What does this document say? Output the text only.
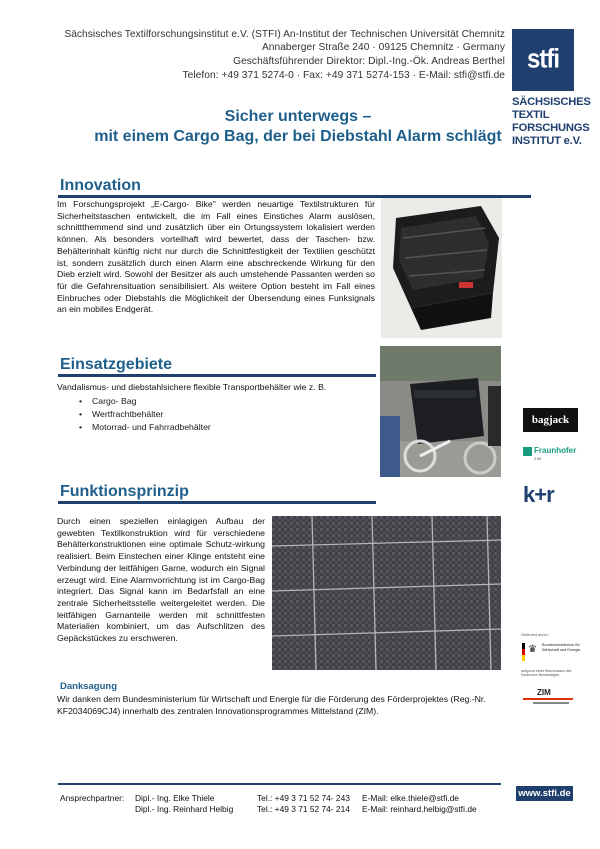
Sächsisches Textilforschungsinstitut e.V. (STFI) An-Institut der Technischen Universität Chemnitz
Annaberger Straße 240 · 09125 Chemnitz · Germany
Geschäftsführender Direktor: Dipl.-Ing.-Ök. Andreas Berthel
Telefon: +49 371 5274-0 · Fax: +49 371 5274-153 · E-Mail: stfi@stfi.de
stfi
SÄCHSISCHES
TEXTIL
FORSCHUNGS
INSTITUT e.V.
Sicher unterwegs –
mit einem Cargo Bag, der bei Diebstahl Alarm schlägt
Innovation
Im Forschungsprojekt „E-Cargo- Bike" werden neuartige Textilstrukturen für Sicherheitstaschen entwickelt, die im Fall eines Einstiches Alarm auslösen, schnittthemmend sind und zusätzlich über ein Ortungssystem lokalisiert werden können. Als besonders vorteilhaft wird bewertet, dass der Taschen- bzw. Behälterinhalt künftig nicht nur durch die Schnittfestigkeit der Textilien geschützt ist, sondern zusätzlich durch einen Alarm eine abschreckende Wirkung für den Dieb erzielt wird. Sowohl der Besitzer als auch umstehende Passanten werden so für die Gefahrensituation sensibilisiert. Als weitere Option besteht im Fall eines Einbruches oder Diebstahls die Möglichkeit der Übersendung eines Funksignals an ein mobiles Endgerät.
Einsatzgebiete
Vandalismus- und diebstahlsichere flexible Transportbehälter wie z. B.
• Cargo- Bag
• Wertfrachtbehälter
• Motorrad- und Fahrradbehälter
bagjack
Fraunhofer
ZIM
k+r
Funktionsprinzip
Durch einen speziellen einlagigen Aufbau der gewebten Textilkonstruktion wird für verschiedene Behälterkonstruktionen eine optimale Schutz-wirkung realisiert. Beim Einstechen einer Klinge entsteht eine Verbindung der leitfähigen Garne, wodurch ein Signal erzeugt wird. Eine Alarmvorrichtung ist im Cargo-Bag integriert. Das Signal kann im Bedarfsfall an eine zentrale Sicherheitsstelle weitergeleitet werden. Die leitfähigen Garnanteile werden mit schnittfesten Materialien kombiniert, um das Aufschlitzen des Gepäckstückes zu erschweren.	Gefördert durch:
♛	Bundesministerium für Wirtschaft und Energie
aufgrund eines Beschlusses des Deutschen Bundestages
ZIM
Danksagung
Wir danken dem Bundesministerium für Wirtschaft und Energie für die Förderung des Förderprojektes (Reg.-Nr. KF2034069CJ4) innerhalb des zentralen Innovationsprogrammes Mittelstand (ZIM).
Ansprechpartner: Dipl.- Ing. Elke Thiele
Dipl.- Ing. Reinhard Helbig
Tel.: +49 3 71 52 74- 243
Tel.: +49 3 71 52 74- 214
E-Mail: elke.thiele@stfi.de
E-Mail: reinhard.helbig@stfi.de
www.stfi.de
